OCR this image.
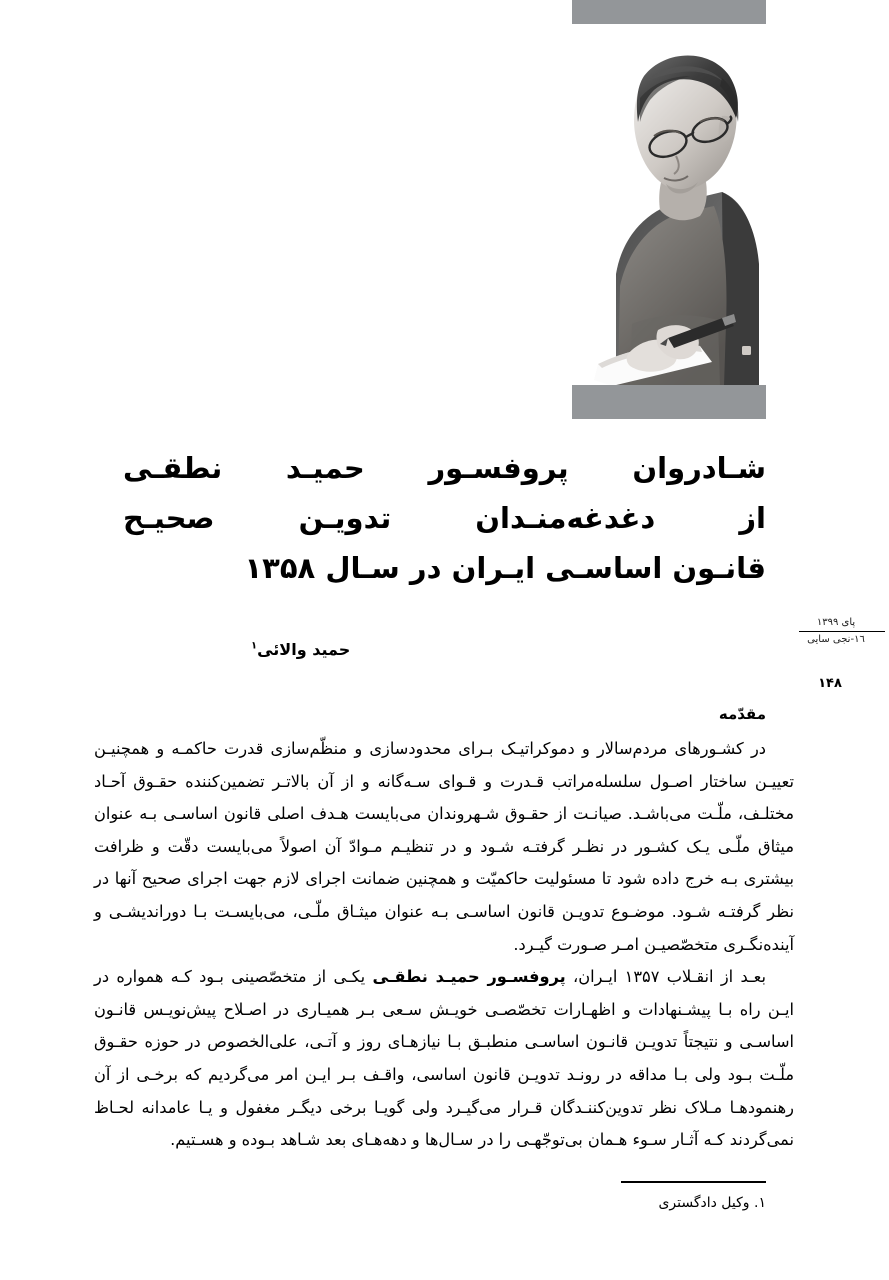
شـادروان پروفسـور حمیـد نطقـی
از دغدغه‌منـدان تدویـن صحیـح
قانـون اساسـی ایـران در سـال ۱۳۵۸
حمید والائی$^۱$
پای ۱۳۹۹
۱٦-نجی سایی
۱۴۸
مقدّمه

در کشـورهای مردم‌سالار و دموکراتیـک بـرای محدودسازی و منظّم‌سازی قدرت حاکمـه و همچنیـن تعییـن ساختار اصـول سلسله‌مراتب قـدرت و قـوای سـه‌گانه و از آن بالاتـر تضمین‌کننده حقـوق آحـاد مختلـف، ملّـت می‌باشـد. صیانـت از حقـوق شـهروندان می‌بایست هـدف اصلی قانون اساسـی بـه عنوان میثاق ملّـی یـک کشـور در نظـر گرفتـه شـود و در تنظیـم مـوادّ آن اصولاً می‌بایست دقّت و ظرافت بیشتری بـه خرج داده شود تا مسئولیت حاکمیّت و همچنین ضمانت اجرای لازم جهت اجرای صحیح آنها در نظر گرفتـه شـود. موضـوع تدویـن قانون اساسـی بـه عنوان میثـاق ملّـی، می‌بایسـت بـا دوراندیشـی و آینده‌نگـری متخصّصیـن امـر صـورت گیـرد.

بعـد از انقـلاب ۱۳۵۷ ایـران، پروفسـور حمیـد نطقـی یکـی از متخصّصینی بـود کـه همواره در ایـن راه بـا پیشـنهادات و اظهـارات تخصّصـی خویـش سـعی بـر همیـاری در اصـلاح پیش‌نویـس قانـون اساسـی و نتیجتاً تدویـن قانـون اساسـی منطبـق بـا نیازهـای روز و آتـی، علی‌الخصوص در حوزه حقـوق ملّـت بـود ولی بـا مداقه در رونـد تدویـن قانون اساسی، واقـف بـر ایـن امر می‌گردیم که برخـی از آن رهنمودهـا مـلاک نظر تدوین‌کننـدگان قـرار می‌گیـرد ولی گویـا برخی دیگـر مغفول و یـا عامدانه لحـاظ نمی‌گردند کـه آثـار سـوء هـمان بی‌توجّهـی را در سـال‌ها و دهه‌هـای بعد شـاهد بـوده و هسـتیم.

۱. وکیل دادگستری
